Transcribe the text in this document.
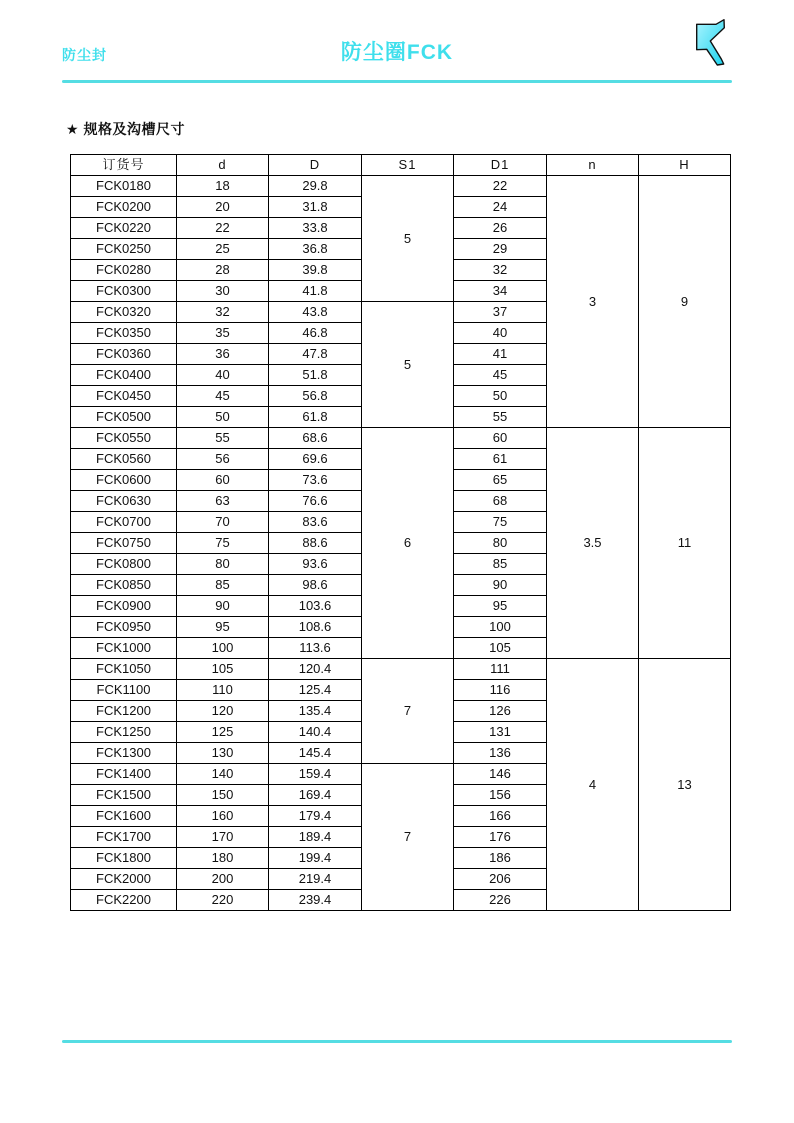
防尘封	防尘圈FCK
★ 规格及沟槽尺寸
订货号	d	D	S1	D1	n	H
FCK0180	18	29.8	5	22	3	9
FCK0200	20	31.8		24		
FCK0220	22	33.8		26		
FCK0250	25	36.8		29		
FCK0280	28	39.8		32		
FCK0300	30	41.8		34		
FCK0320	32	43.8	5	37		
FCK0350	35	46.8		40		
FCK0360	36	47.8		41		
FCK0400	40	51.8		45		
FCK0450	45	56.8		50		
FCK0500	50	61.8		55		
FCK0550	55	68.6	6	60	3.5	11
FCK0560	56	69.6		61		
FCK0600	60	73.6		65		
FCK0630	63	76.6		68		
FCK0700	70	83.6		75		
FCK0750	75	88.6		80		
FCK0800	80	93.6		85		
FCK0850	85	98.6		90		
FCK0900	90	103.6		95		
FCK0950	95	108.6		100		
FCK1000	100	113.6		105		
FCK1050	105	120.4	7	111	4	13
FCK1100	110	125.4		116		
FCK1200	120	135.4		126		
FCK1250	125	140.4		131		
FCK1300	130	145.4		136		
FCK1400	140	159.4	7	146		
FCK1500	150	169.4		156		
FCK1600	160	179.4		166		
FCK1700	170	189.4		176		
FCK1800	180	199.4		186		
FCK2000	200	219.4		206		
FCK2200	220	239.4		226		
